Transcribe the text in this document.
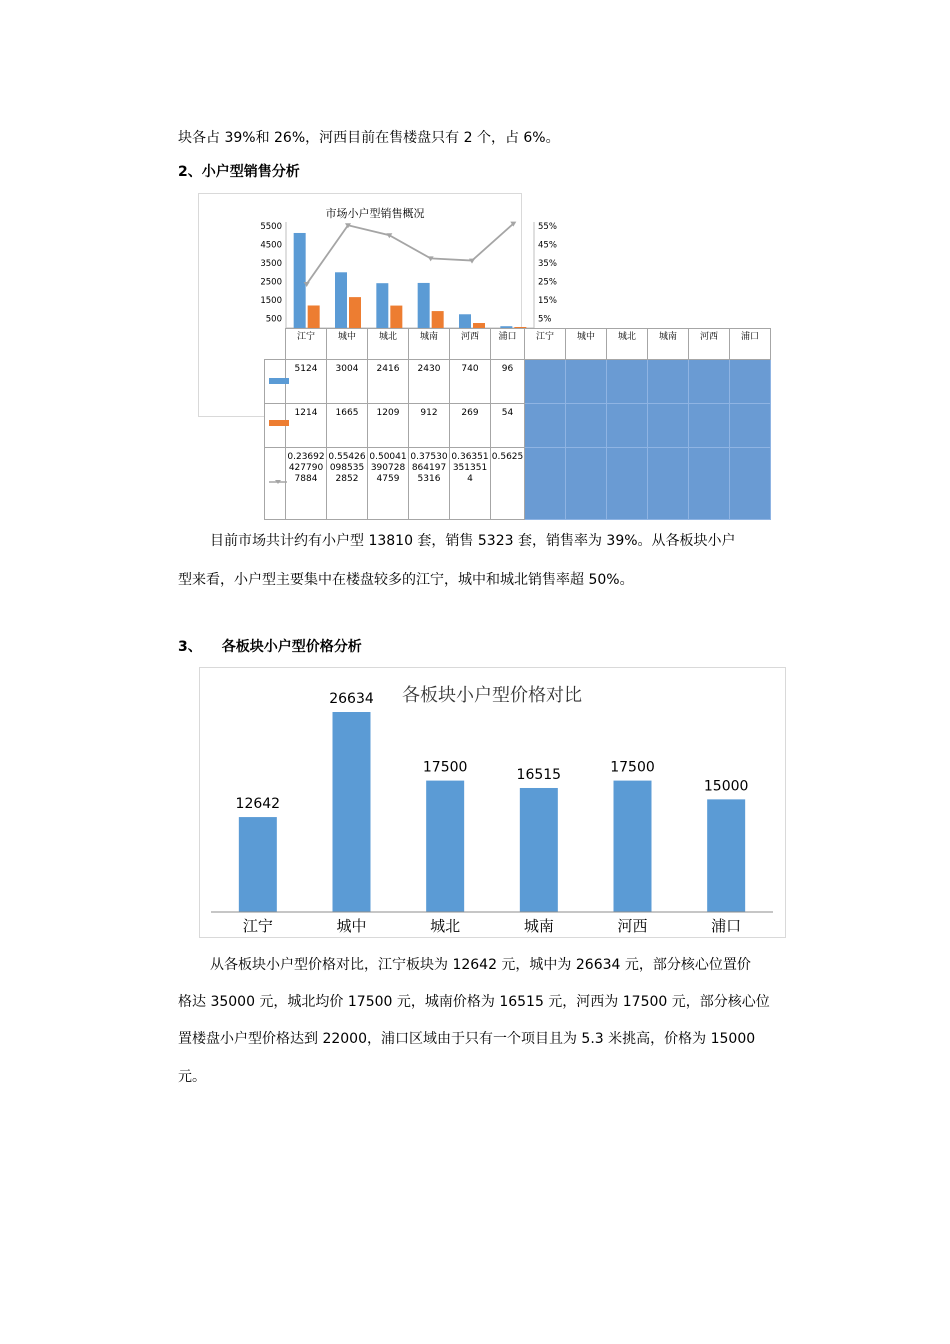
块各占 39%和 26%，河西目前在售楼盘只有 2 个，占 6%。
2、小户型销售分析
市场小户型销售概况
500
1500
2500
3500
4500
5500
5%
15%
25%
35%
45%
55%
	江宁	城中	城北	城南	河西	浦口	江宁	城中	城北	城南	河西	浦口

	5124	3004	2416	2430	740	96						

	1214	1665	1209	912	269	54						

	0.236924277907884	0.554260985352852	0.500413907284759	0.375308641975316	0.363513513514	0.5625						
目前市场共计约有小户型 13810 套，销售 5323 套，销售率为 39%。从各板块小户
型来看，小户型主要集中在楼盘较多的江宁，城中和城北销售率超 50%。
3、 各板块小户型价格分析
各板块小户型价格对比
12642
26634
17500	16515	17500
15000
江宁	城中	城北	城南	河西	浦口
从各板块小户型价格对比，江宁板块为 12642 元，城中为 26634 元，部分核心位置价
格达 35000 元，城北均价 17500 元，城南价格为 16515 元，河西为 17500 元，部分核心位
置楼盘小户型价格达到 22000，浦口区域由于只有一个项目且为 5.3 米挑高，价格为 15000
元。
